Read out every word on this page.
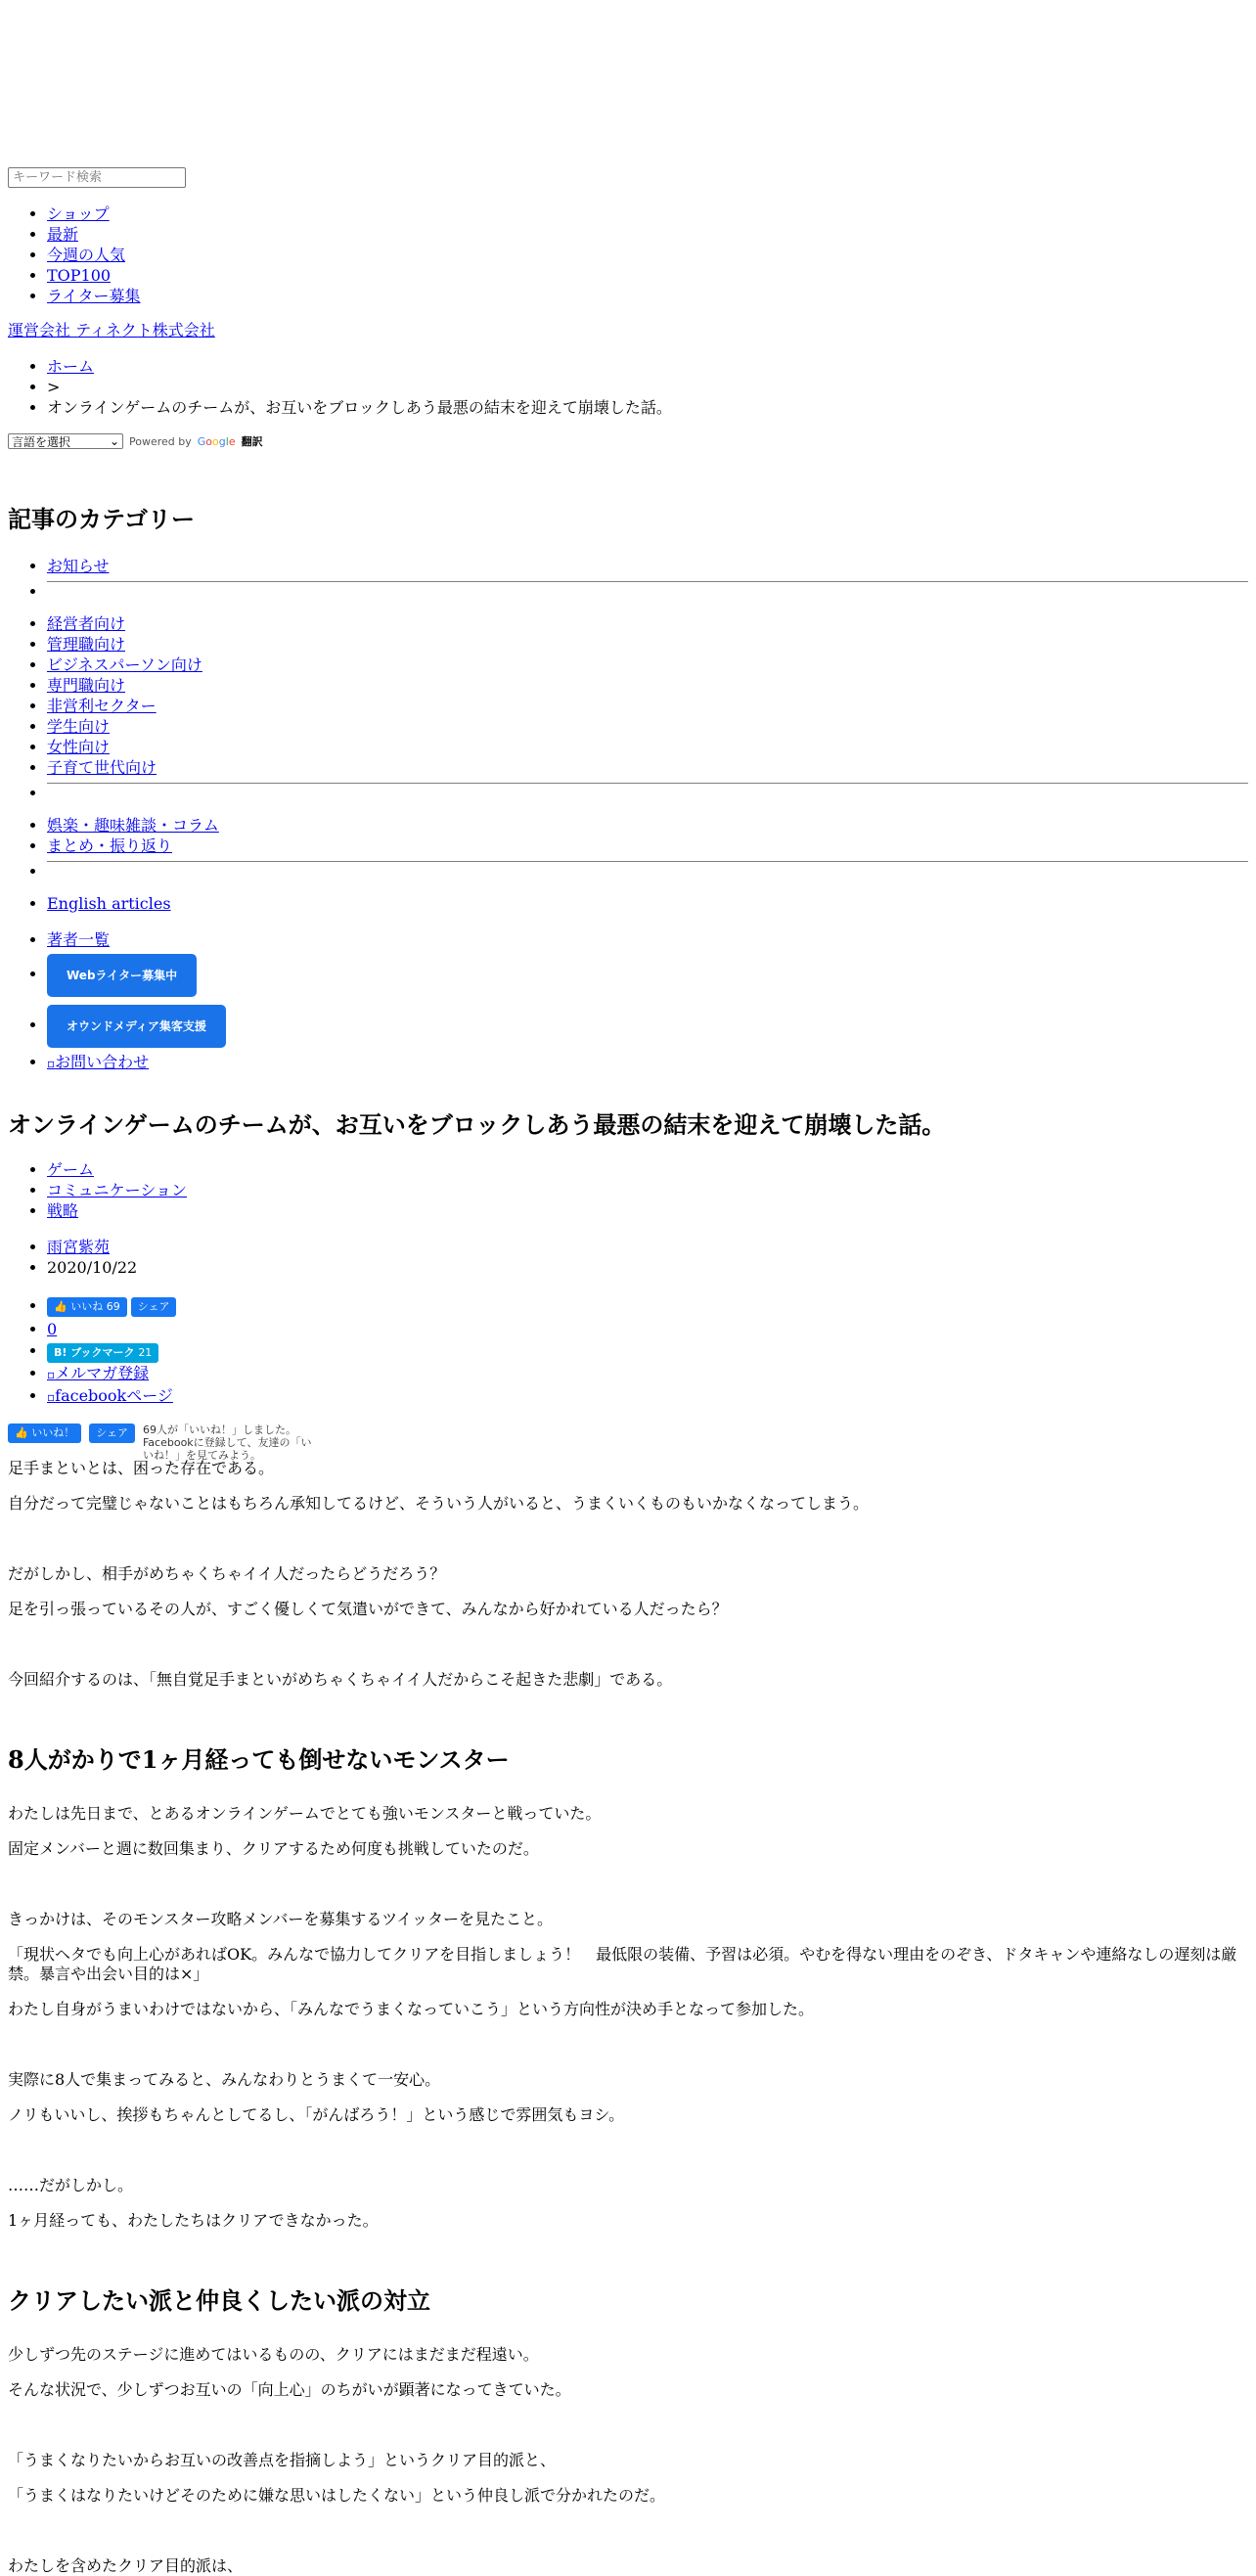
キーワード検索
• ショップ
• 最新
• 今週の人気
• TOP100
• ライター募集
運営会社 ティネクト株式会社
• ホーム
• >
• オンラインゲームのチームが、お互いをブロックしあう最悪の結末を迎えて崩壊した話。
言語を選択	⌄ Powered by Google 翻訳
記事のカテゴリー
• お知らせ
•
• 経営者向け
• 管理職向け
• ビジネスパーソン向け
• 専門職向け
• 非営利セクター
• 学生向け
• 女性向け
• 子育て世代向け
•
• 娯楽・趣味雑談・コラム
• まとめ・振り返り
•
• English articles
• 著者一覧
• Webライター募集中
• オウンドメディア集客支援
• ▫お問い合わせ
オンラインゲームのチームが、お互いをブロックしあう最悪の結末を迎えて崩壊した話。
• ゲーム
• コミュニケーション
• 戦略
• 雨宮紫苑
• 2020/10/22
• 👍 いいね 69 シェア
• 0
• B! ブックマーク 21
• ▫メルマガ登録
• ▫facebookページ
👍 いいね！	シェア	69人が「いいね！」しました。
Facebookに登録して、友達の「いいね！」を見てみよう。

足手まといとは、困った存在である。

自分だって完璧じゃないことはもちろん承知してるけど、そういう人がいると、うまくいくものもいかなくなってしまう。

だがしかし、相手がめちゃくちゃイイ人だったらどうだろう？

足を引っ張っているその人が、すごく優しくて気遣いができて、みんなから好かれている人だったら？

今回紹介するのは、「無自覚足手まといがめちゃくちゃイイ人だからこそ起きた悲劇」である。

8人がかりで1ヶ月経っても倒せないモンスター

わたしは先日まで、とあるオンラインゲームでとても強いモンスターと戦っていた。

固定メンバーと週に数回集まり、クリアするため何度も挑戦していたのだ。

きっかけは、そのモンスター攻略メンバーを募集するツイッターを見たこと。

「現状ヘタでも向上心があればOK。みんなで協力してクリアを目指しましょう！　最低限の装備、予習は必須。やむを得ない理由をのぞき、ドタキャンや連絡なしの遅刻は厳禁。暴言や出会い目的は×」

わたし自身がうまいわけではないから、「みんなでうまくなっていこう」という方向性が決め手となって参加した。

実際に8人で集まってみると、みんなわりとうまくて一安心。

ノリもいいし、挨拶もちゃんとしてるし、「がんばろう！」という感じで雰囲気もヨシ。

……だがしかし。

1ヶ月経っても、わたしたちはクリアできなかった。

クリアしたい派と仲良くしたい派の対立

少しずつ先のステージに進めてはいるものの、クリアにはまだまだ程遠い。

そんな状況で、少しずつお互いの「向上心」のちがいが顕著になってきていた。

「うまくなりたいからお互いの改善点を指摘しよう」というクリア目的派と、

「うまくはなりたいけどそのために嫌な思いはしたくない」という仲良し派で分かれたのだ。

わたしを含めたクリア目的派は、
